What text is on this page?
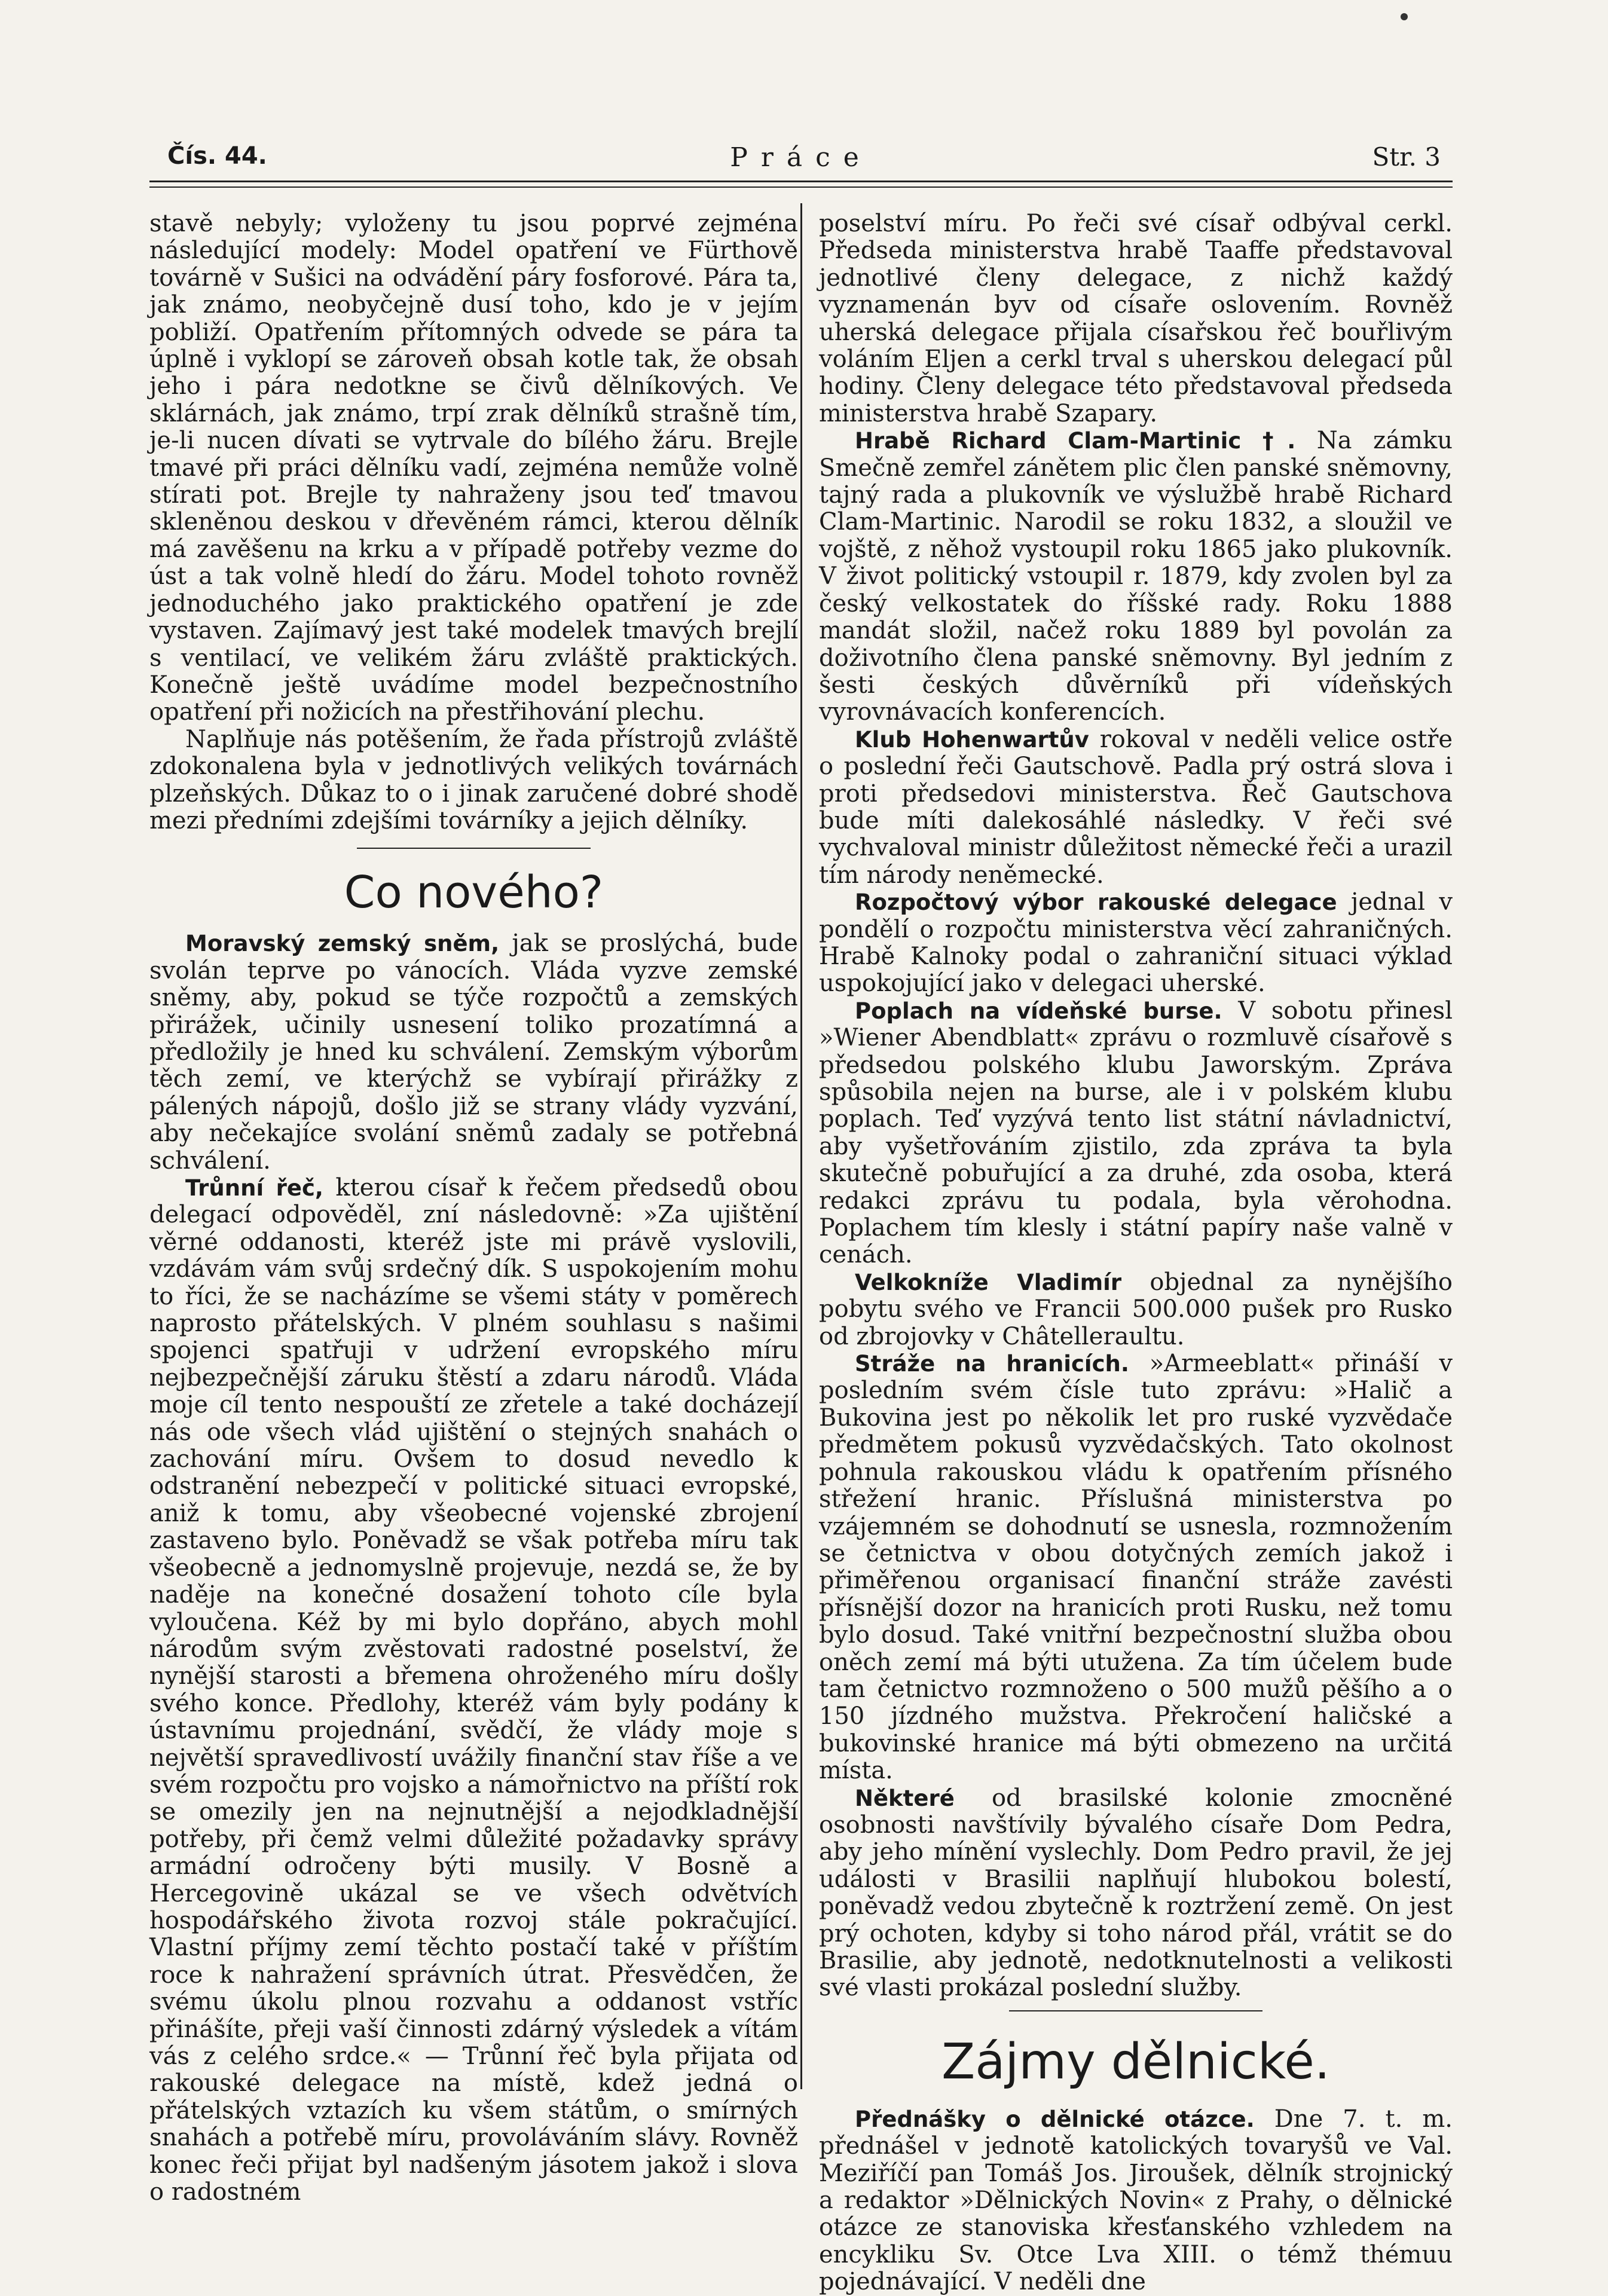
Čís. 44.	Práce	Str. 3

stavě nebyly; vyloženy tu jsou poprvé zejména následující modely: Model opatření ve Fürthově továrně v Sušici na odvádění páry fosforové. Pára ta, jak známo, neobyčejně dusí toho, kdo je v jejím pobliží. Opatřením přítomných odvede se pára ta úplně i vyklopí se zároveň obsah kotle tak, že obsah jeho i pára nedotkne se čivů dělníkových. Ve sklárnách, jak známo, trpí zrak dělníků strašně tím, je-li nucen dívati se vytrvale do bílého žáru. Brejle tmavé při práci dělníku vadí, zejména nemůže volně stírati pot. Brejle ty nahraženy jsou teď tmavou skleněnou deskou v dřevěném rámci, kterou dělník má zavěšenu na krku a v případě potřeby vezme do úst a tak volně hledí do žáru. Model tohoto rovněž jednoduchého jako praktického opatření je zde vystaven. Zajímavý jest také modelek tmavých brejlí s ventilací, ve velikém žáru zvláště praktických. Konečně ještě uvádíme model bezpečnostního opatření při nožicích na přestřihování plechu.

Naplňuje nás potěšením, že řada přístrojů zvláště zdokonalena byla v jednotlivých velikých továrnách plzeňských. Důkaz to o i jinak zaručené dobré shodě mezi předními zdejšími továrníky a jejich dělníky.

Co nového?

Moravský zemský sněm, jak se proslýchá, bude svolán teprve po vánocích. Vláda vyzve zemské sněmy, aby, pokud se týče rozpočtů a zemských přirážek, učinily usnesení toliko prozatímná a předložily je hned ku schválení. Zemským výborům těch zemí, ve kterýchž se vybírají přirážky z pálených nápojů, došlo již se strany vlády vyzvání, aby nečekajíce svolání sněmů zadaly se potřebná schválení.

Trůnní řeč, kterou císař k řečem předsedů obou delegací odpověděl, zní následovně: »Za ujištění věrné oddanosti, kteréž jste mi právě vyslovili, vzdávám vám svůj srdečný dík. S uspokojením mohu to říci, že se nacházíme se všemi státy v poměrech naprosto přátelských. V plném souhlasu s našimi spojenci spatřuji v udržení evropského míru nejbezpečnější záruku štěstí a zdaru národů. Vláda moje cíl tento nespouští ze zřetele a také docházejí nás ode všech vlád ujištění o stejných snahách o zachování míru. Ovšem to dosud nevedlo k odstranění nebezpečí v politické situaci evropské, aniž k tomu, aby všeobecné vojenské zbrojení zastaveno bylo. Poněvadž se však potřeba míru tak všeobecně a jednomyslně projevuje, nezdá se, že by naděje na konečné dosažení tohoto cíle byla vyloučena. Kéž by mi bylo dopřáno, abych mohl národům svým zvěstovati radostné poselství, že nynější starosti a břemena ohroženého míru došly svého konce. Předlohy, kteréž vám byly podány k ústavnímu projednání, svědčí, že vlády moje s největší spravedlivostí uvážily finanční stav říše a ve svém rozpočtu pro vojsko a námořnictvo na příští rok se omezily jen na nejnutnější a nejodkladnější potřeby, při čemž velmi důležité požadavky správy armádní odročeny býti musily. V Bosně a Hercegovině ukázal se ve všech odvětvích hospodářského života rozvoj stále pokračující. Vlastní příjmy zemí těchto postačí také v příštím roce k nahražení správních útrat. Přesvědčen, že svému úkolu plnou rozvahu a oddanost vstříc přinášíte, přeji vaší činnosti zdárný výsledek a vítám vás z celého srdce.« — Trůnní řeč byla přijata od rakouské delegace na místě, kdež jedná o přátelských vztazích ku všem státům, o smírných snahách a potřebě míru, provoláváním slávy. Rovněž konec řeči přijat byl nadšeným jásotem jakož i slova o radostném

poselství míru. Po řeči své císař odbýval cerkl. Předseda ministerstva hrabě Taaffe představoval jednotlivé členy delegace, z nichž každý vyznamenán byv od císaře oslovením. Rovněž uherská delegace přijala císařskou řeč bouřlivým voláním Eljen a cerkl trval s uherskou delegací půl hodiny. Členy delegace této představoval předseda ministerstva hrabě Szapary.

Hrabě Richard Clam-Martinic †. Na zámku Smečně zemřel zánětem plic člen panské sněmovny, tajný rada a plukovník ve výslužbě hrabě Richard Clam-Martinic. Narodil se roku 1832, a sloužil ve vojště, z něhož vystoupil roku 1865 jako plukovník. V život politický vstoupil r. 1879, kdy zvolen byl za český velkostatek do říšské rady. Roku 1888 mandát složil, načež roku 1889 byl povolán za doživotního člena panské sněmovny. Byl jedním z šesti českých důvěrníků při vídeňských vyrovnávacích konferencích.

Klub Hohenwartův rokoval v neděli velice ostře o poslední řeči Gautschově. Padla prý ostrá slova i proti předsedovi ministerstva. Řeč Gautschova bude míti dalekosáhlé následky. V řeči své vychvaloval ministr důležitost německé řeči a urazil tím národy neněmecké.

Rozpočtový výbor rakouské delegace jednal v pondělí o rozpočtu ministerstva věcí zahraničných. Hrabě Kalnoky podal o zahraniční situaci výklad uspokojující jako v delegaci uherské.

Poplach na vídeňské burse. V sobotu přinesl »Wiener Abendblatt« zprávu o rozmluvě císařově s předsedou polského klubu Jaworským. Zpráva spůsobila nejen na burse, ale i v polském klubu poplach. Teď vyzývá tento list státní návladnictví, aby vyšetřováním zjistilo, zda zpráva ta byla skutečně pobuřující a za druhé, zda osoba, která redakci zprávu tu podala, byla věrohodna. Poplachem tím klesly i státní papíry naše valně v cenách.

Velkokníže Vladimír objednal za nynějšího pobytu svého ve Francii 500.000 pušek pro Rusko od zbrojovky v Châtelleraultu.

Stráže na hranicích. »Armeeblatt« přináší v posledním svém čísle tuto zprávu: »Halič a Bukovina jest po několik let pro ruské vyzvědače předmětem pokusů vyzvědačských. Tato okolnost pohnula rakouskou vládu k opatřením přísného střežení hranic. Příslušná ministerstva po vzájemném se dohodnutí se usnesla, rozmnožením se četnictva v obou dotyčných zemích jakož i přiměřenou organisací finanční stráže zavésti přísnější dozor na hranicích proti Rusku, než tomu bylo dosud. Také vnitřní bezpečnostní služba obou oněch zemí má býti utužena. Za tím účelem bude tam četnictvo rozmnoženo o 500 mužů pěšího a o 150 jízdného mužstva. Překročení haličské a bukovinské hranice má býti obmezeno na určitá místa.

Některé od brasilské kolonie zmocněné osobnosti navštívily bývalého císaře Dom Pedra, aby jeho mínění vyslechly. Dom Pedro pravil, že jej události v Brasilii naplňují hlubokou bolestí, poněvadž vedou zbytečně k roztržení země. On jest prý ochoten, kdyby si toho národ přál, vrátit se do Brasilie, aby jednotě, nedotknutelnosti a velikosti své vlasti prokázal poslední služby.

Zájmy dělnické.

Přednášky o dělnické otázce. Dne 7. t. m. přednášel v jednotě katolických tovaryšů ve Val. Meziříčí pan Tomáš Jos. Jiroušek, dělník strojnický a redaktor »Dělnických Novin« z Prahy, o dělnické otázce ze stanoviska křesťanského vzhledem na encykliku Sv. Otce Lva XIII. o témž thémuu pojednávající. V neděli dne
